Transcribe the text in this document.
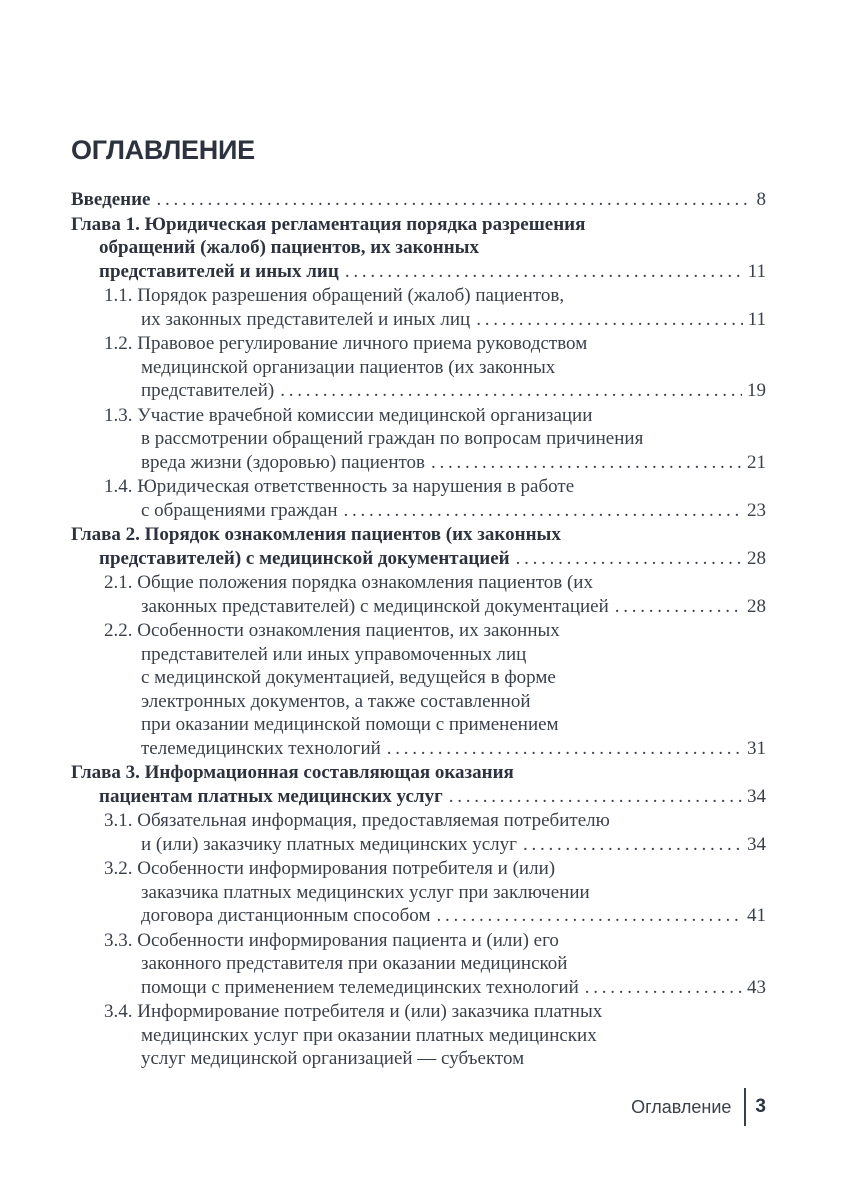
ОГЛАВЛЕНИЕ
Введение . . .	8
Глава 1. Юридическая регламентация порядка разрешения
обращений (жалоб) пациентов, их законных
представителей и иных лиц . . .	11
1.1. Порядок разрешения обращений (жалоб) пациентов,
их законных представителей и иных лиц . . .	11
1.2. Правовое регулирование личного приема руководством
медицинской организации пациентов (их законных
представителей) . . .	19
1.3. Участие врачебной комиссии медицинской организации
в рассмотрении обращений граждан по вопросам причинения
вреда жизни (здоровью) пациентов . . .	21
1.4. Юридическая ответственность за нарушения в работе
с обращениями граждан . . .	23
Глава 2. Порядок ознакомления пациентов (их законных
представителей) с медицинской документацией . . .	28
2.1. Общие положения порядка ознакомления пациентов (их
законных представителей) с медицинской документацией . . .	28
2.2. Особенности ознакомления пациентов, их законных
представителей или иных управомоченных лиц
с медицинской документацией, ведущейся в форме
электронных документов, а также составленной
при оказании медицинской помощи с применением
телемедицинских технологий . . .	31
Глава 3. Информационная составляющая оказания
пациентам платных медицинских услуг . . .	34
3.1. Обязательная информация, предоставляемая потребителю
и (или) заказчику платных медицинских услуг . . .	34
3.2. Особенности информирования потребителя и (или)
заказчика платных медицинских услуг при заключении
договора дистанционным способом . . .	41
3.3. Особенности информирования пациента и (или) его
законного представителя при оказании медицинской
помощи с применением телемедицинских технологий . . .	43
3.4. Информирование потребителя и (или) заказчика платных
медицинских услуг при оказании платных медицинских
услуг медицинской организацией — субъектом
Оглавление 3
